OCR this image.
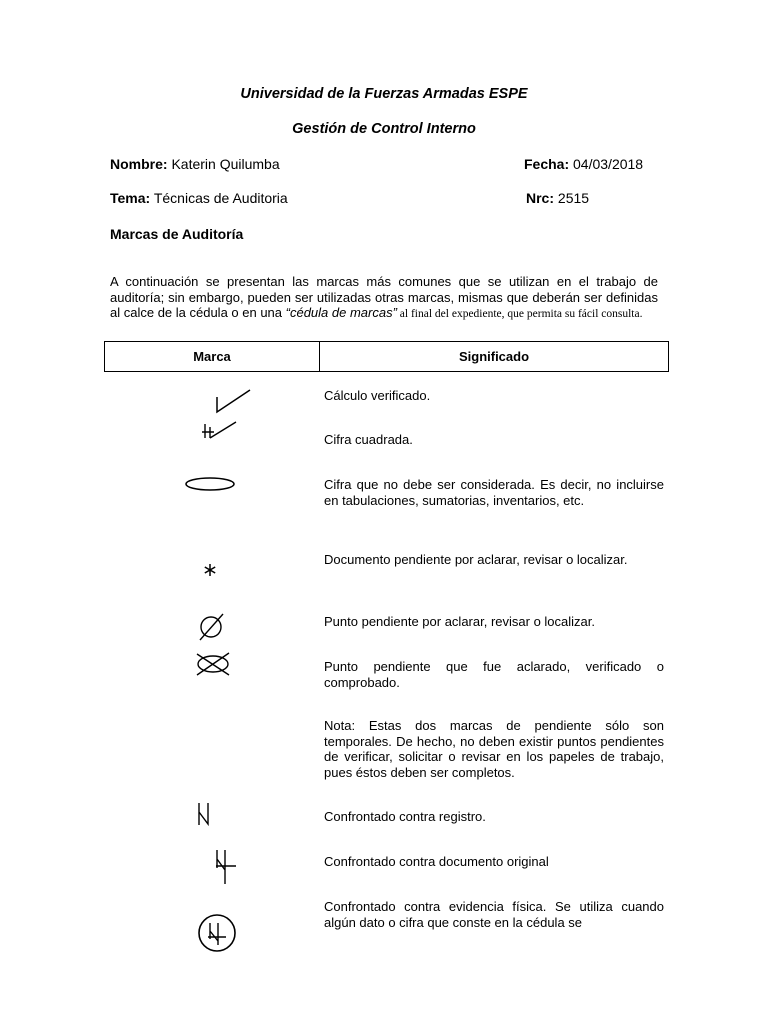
Universidad de la Fuerzas Armadas ESPE
Gestión de Control Interno
Nombre: Katerin Quilumba	Fecha: 04/03/2018
Tema: Técnicas de Auditoria	Nrc: 2515
Marcas de Auditoría
A continuación se presentan las marcas más comunes que se utilizan en el trabajo de auditoría; sin embargo, pueden ser utilizadas otras marcas, mismas que deberán ser definidas al calce de la cédula o en una “cédula de marcas” al final del expediente, que permita su fácil consulta.
Marca	Significado
Cálculo verificado.
Cifra cuadrada.
Cifra que no debe ser considerada. Es decir, no incluirse en tabulaciones, sumatorias, inventarios, etc.
Documento pendiente por aclarar, revisar o localizar.
Punto pendiente por aclarar, revisar o localizar.
Punto pendiente que fue aclarado, verificado o comprobado.
Nota: Estas dos marcas de pendiente sólo son temporales. De hecho, no deben existir puntos pendientes de verificar, solicitar o revisar en los papeles de trabajo, pues éstos deben ser completos.
Confrontado contra registro.
Confrontado contra documento original
Confrontado contra evidencia física. Se utiliza cuando algún dato o cifra que conste en la cédula se
